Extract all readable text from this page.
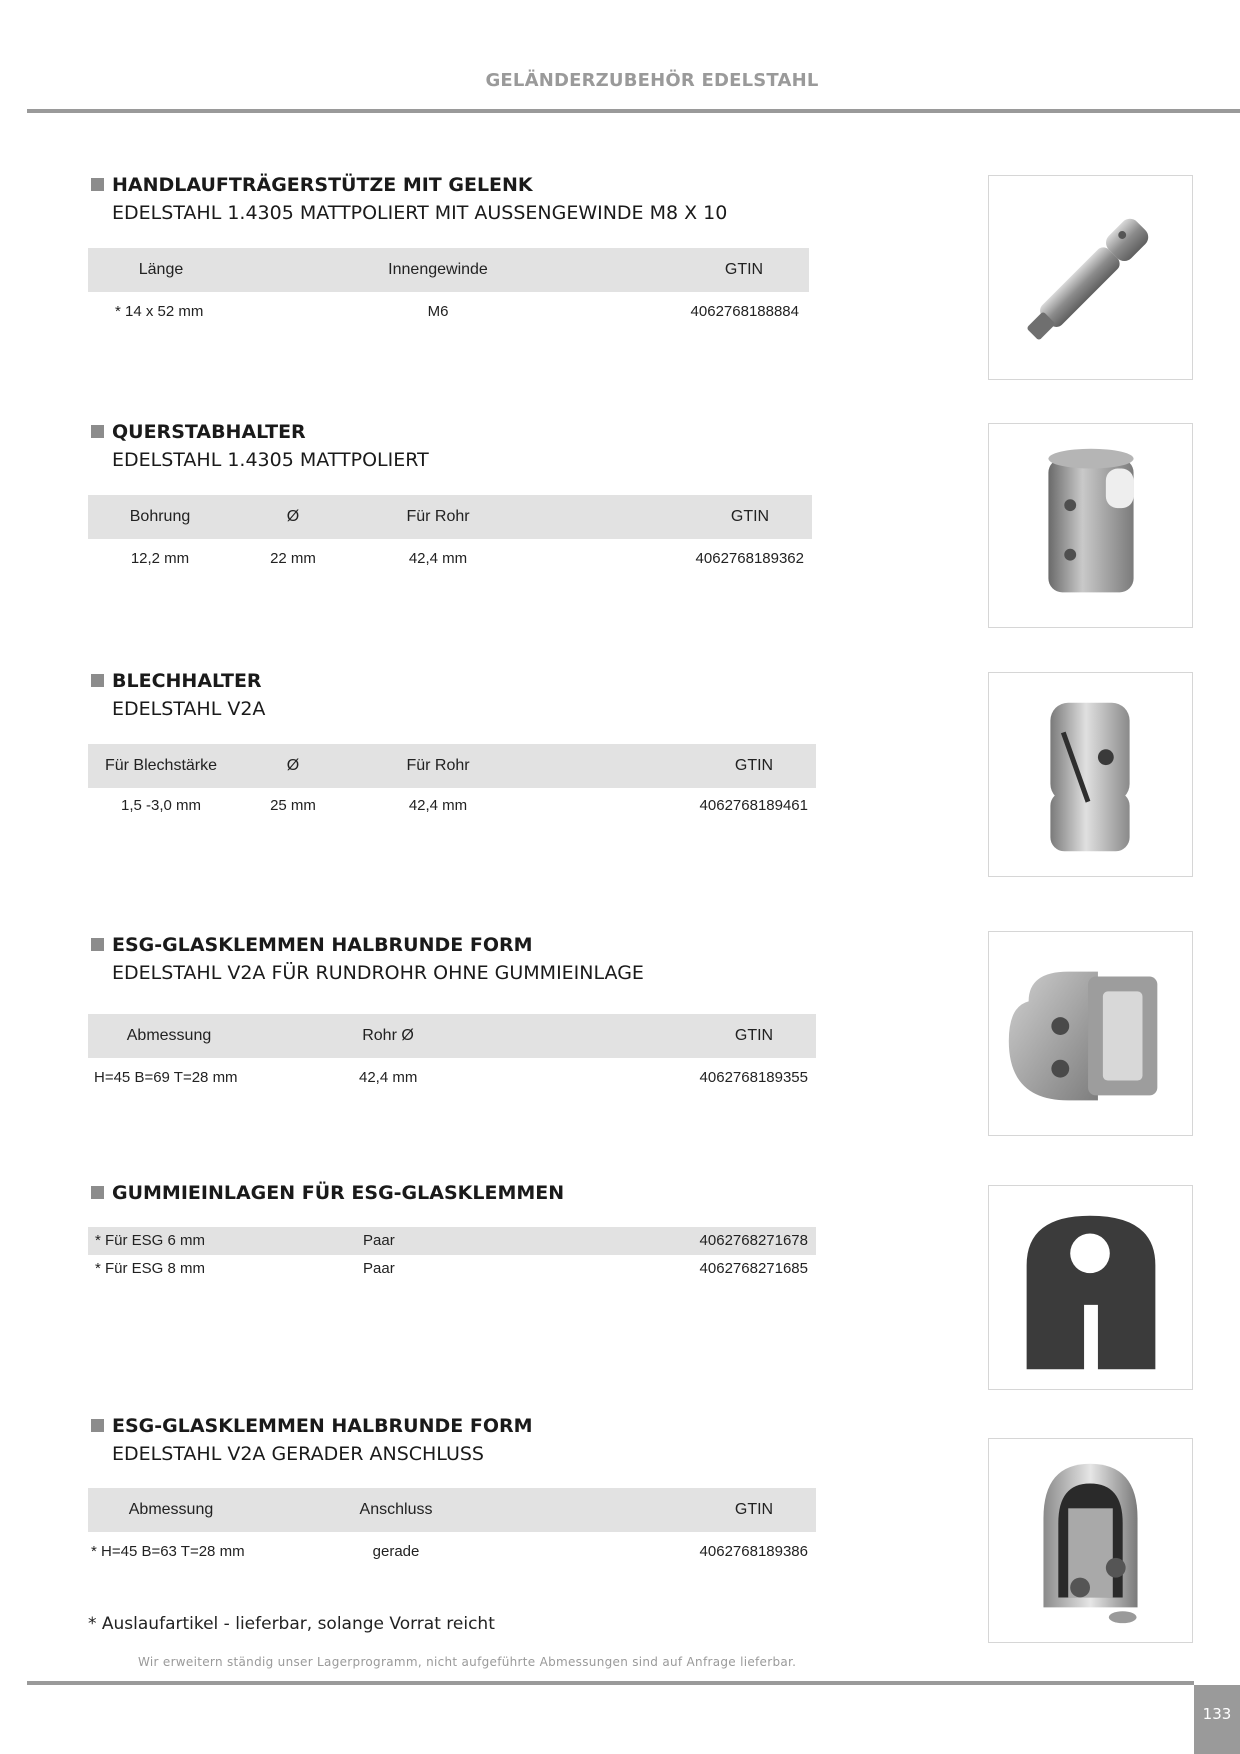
GELÄNDERZUBEHÖR EDELSTAHL
HANDLAUFTRÄGERSTÜTZE MIT GELENK
EDELSTAHL 1.4305 MATTPOLIERT MIT AUSSENGEWINDE M8 X 10
Länge	Innengewinde	GTIN
* 14 x 52 mm	M6	4062768188884
QUERSTABHALTER
EDELSTAHL 1.4305 MATTPOLIERT
Bohrung	Ø	Für Rohr	GTIN
12,2 mm	22 mm	42,4 mm	4062768189362
BLECHHALTER
EDELSTAHL V2A
Für Blechstärke	Ø	Für Rohr	GTIN
1,5 -3,0 mm	25 mm	42,4 mm	4062768189461
ESG-GLASKLEMMEN HALBRUNDE FORM
EDELSTAHL V2A FÜR RUNDROHR OHNE GUMMIEINLAGE
Abmessung	Rohr Ø	GTIN
H=45 B=69 T=28 mm	42,4 mm	4062768189355
GUMMIEINLAGEN FÜR ESG-GLASKLEMMEN
* Für ESG 6 mm	Paar	4062768271678
* Für ESG 8 mm	Paar	4062768271685
ESG-GLASKLEMMEN HALBRUNDE FORM
EDELSTAHL V2A GERADER ANSCHLUSS
Abmessung	Anschluss	GTIN
* H=45 B=63 T=28 mm	gerade	4062768189386
* Auslaufartikel - lieferbar, solange Vorrat reicht
Wir erweitern ständig unser Lagerprogramm, nicht aufgeführte Abmessungen sind auf Anfrage lieferbar.
133
